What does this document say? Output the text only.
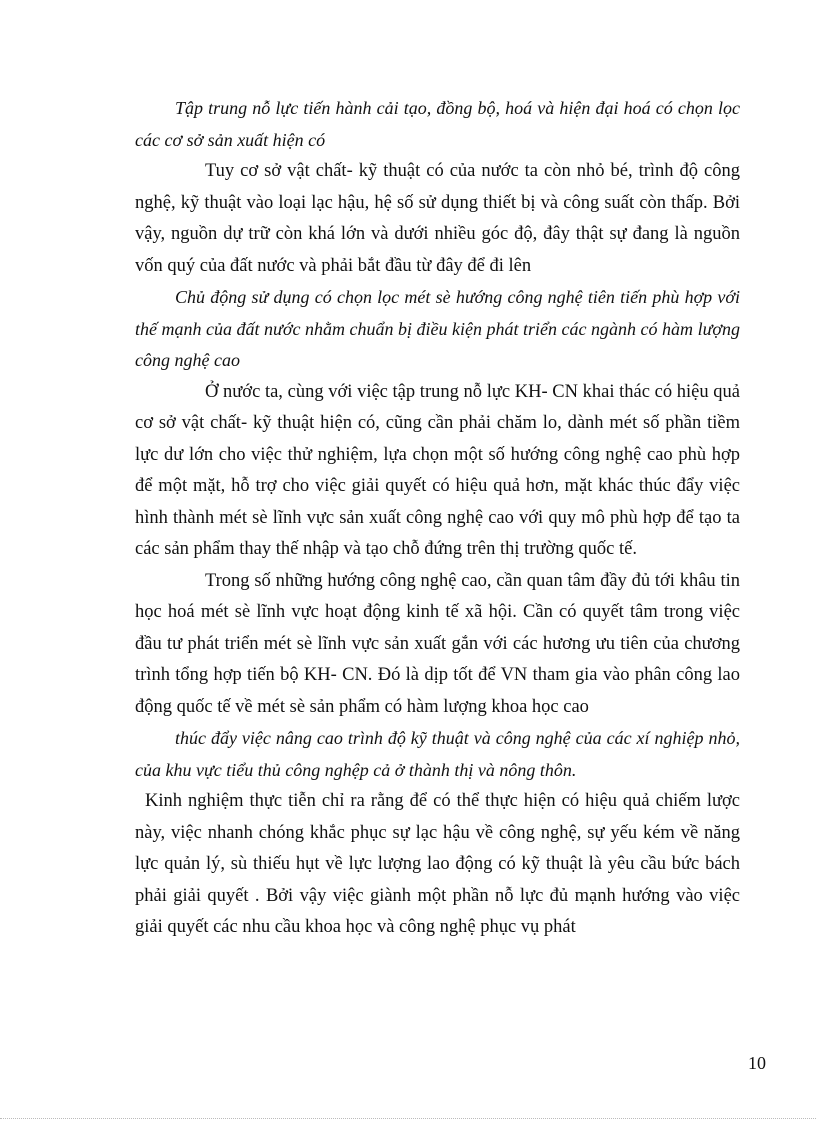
Tập trung nỗ lực tiến hành cải tạo, đồng bộ, hoá và hiện đại hoá có chọn lọc các cơ sở sản xuất hiện có

Tuy cơ sở vật chất- kỹ thuật có của nước ta còn nhỏ bé, trình độ công nghệ, kỹ thuật vào loại lạc hậu, hệ số sử dụng thiết bị và công suất còn thấp. Bởi vậy, nguồn dự trữ còn khá lớn và dưới nhiều góc độ, đây thật sự đang là nguồn vốn quý của đất nước và phải bắt đầu từ đây để đi lên

Chủ động sử dụng có chọn lọc mét sè hướng công nghệ tiên tiến phù hợp với thế mạnh của đất nước nhằm chuẩn bị điều kiện phát triển các ngành có hàm lượng công nghệ cao

Ở nước ta, cùng với việc tập trung nỗ lực KH- CN khai thác có hiệu quả cơ sở vật chất- kỹ thuật hiện có, cũng cần phải chăm lo, dành mét số phần tiềm lực dư lớn cho việc thử nghiệm, lựa chọn một số hướng công nghệ cao phù hợp để một mặt, hỗ trợ cho việc giải quyết có hiệu quả hơn, mặt khác thúc đẩy việc hình thành mét sè lĩnh vực sản xuất công nghệ cao với quy mô phù hợp để tạo ta các sản phẩm thay thế nhập và tạo chỗ đứng trên thị trường quốc tế.

Trong số những hướng công nghệ cao, cần quan tâm đầy đủ tới khâu tin học hoá mét sè lĩnh vực hoạt động kinh tế xã hội. Cần có quyết tâm trong việc đầu tư phát triển mét sè lĩnh vực sản xuất gắn với các hương ưu tiên của chương trình tổng hợp tiến bộ KH- CN. Đó là dịp tốt để VN tham gia vào phân công lao động quốc tế về mét sè sản phẩm có hàm lượng khoa học cao

thúc đẩy việc nâng cao trình độ kỹ thuật và công nghệ của các xí nghiệp nhỏ, của khu vực tiểu thủ công nghệp cả ở thành thị và nông thôn.

Kinh nghiệm thực tiễn chỉ ra rằng để có thể thực hiện có hiệu quả chiếm lược này, việc nhanh chóng khắc phục sự lạc hậu về công nghệ, sự yếu kém về năng lực quản lý, sù thiếu hụt về lực lượng lao động có kỹ thuật là yêu cầu bức bách phải giải quyết . Bởi vậy việc giành một phần nỗ lực đủ mạnh hướng vào việc giải quyết các nhu cầu khoa học và công nghệ phục vụ phát

10
